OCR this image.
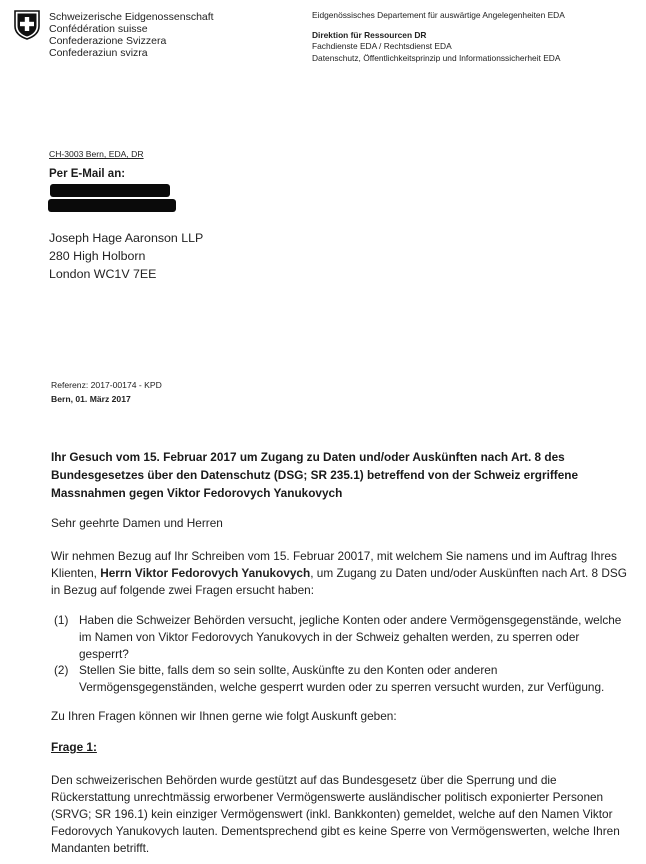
Schweizerische Eidgenossenschaft
Confédération suisse
Confederazione Svizzera
Confederaziun svizra
Eidgenössisches Departement für auswärtige Angelegenheiten EDA
Direktion für Ressourcen DR
Fachdienste EDA / Rechtsdienst EDA
Datenschutz, Öffentlichkeitsprinzip und Informationssicherheit EDA
CH-3003 Bern, EDA, DR
Per E-Mail an:
Joseph Hage Aaronson LLP
280 High Holborn
London WC1V 7EE
Referenz: 2017-00174 - KPD
Bern, 01. März 2017
Ihr Gesuch vom 15. Februar 2017 um Zugang zu Daten und/oder Auskünften nach Art. 8 des Bundesgesetzes über den Datenschutz (DSG; SR 235.1) betreffend von der Schweiz ergriffene Massnahmen gegen Viktor Fedorovych Yanukovych
Sehr geehrte Damen und Herren
Wir nehmen Bezug auf Ihr Schreiben vom 15. Februar 20017, mit welchem Sie namens und im Auftrag Ihres Klienten, Herrn Viktor Fedorovych Yanukovych, um Zugang zu Daten und/oder Auskünften nach Art. 8 DSG in Bezug auf folgende zwei Fragen ersucht haben:
(1) Haben die Schweizer Behörden versucht, jegliche Konten oder andere Vermögensgegenstände, welche im Namen von Viktor Fedorovych Yanukovych in der Schweiz gehalten werden, zu sperren oder gesperrt?
(2) Stellen Sie bitte, falls dem so sein sollte, Auskünfte zu den Konten oder anderen Vermögensgegenständen, welche gesperrt wurden oder zu sperren versucht wurden, zur Verfügung.
Zu Ihren Fragen können wir Ihnen gerne wie folgt Auskunft geben:
Frage 1:
Den schweizerischen Behörden wurde gestützt auf das Bundesgesetz über die Sperrung und die Rückerstattung unrechtmässig erworbener Vermögenswerte ausländischer politisch exponierter Personen (SRVG; SR 196.1) kein einziger Vermögenswert (inkl. Bankkonten) gemeldet, welche auf den Namen Viktor Fedorovych Yanukovych lauten. Dementsprechend gibt es keine Sperre von Vermögenswerten, welche Ihren Mandanten betrifft.
